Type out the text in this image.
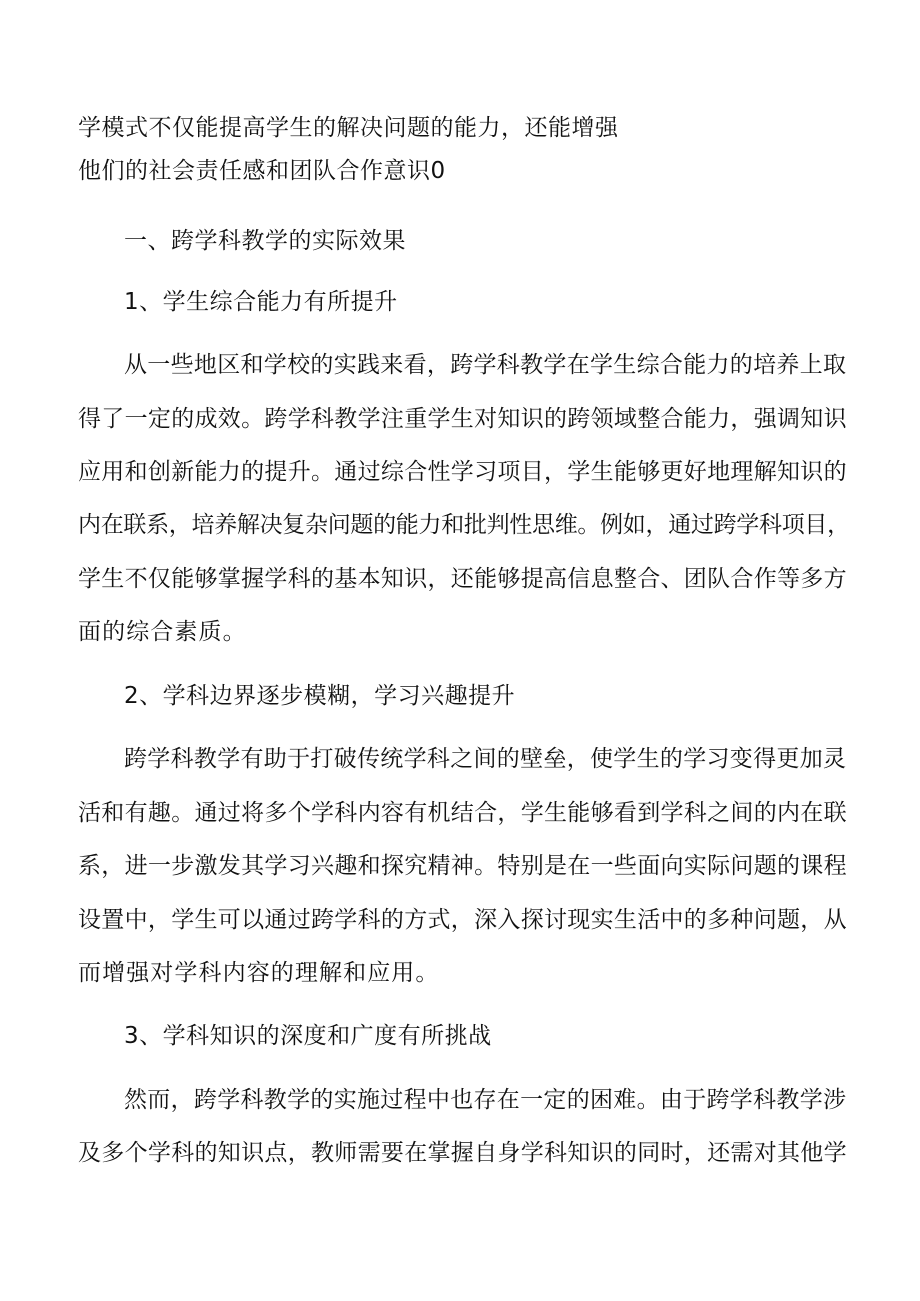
学模式不仅能提高学生的解决问题的能力，还能增强
他们的社会责任感和团队合作意识0
一、跨学科教学的实际效果
1、学生综合能力有所提升
从一些地区和学校的实践来看，跨学科教学在学生综合能力的培养上取
得了一定的成效。跨学科教学注重学生对知识的跨领域整合能力，强调知识
应用和创新能力的提升。通过综合性学习项目，学生能够更好地理解知识的
内在联系，培养解决复杂问题的能力和批判性思维。例如，通过跨学科项目，
学生不仅能够掌握学科的基本知识，还能够提高信息整合、团队合作等多方
面的综合素质。
2、学科边界逐步模糊，学习兴趣提升
跨学科教学有助于打破传统学科之间的壁垒，使学生的学习变得更加灵
活和有趣。通过将多个学科内容有机结合，学生能够看到学科之间的内在联
系，进一步激发其学习兴趣和探究精神。特别是在一些面向实际问题的课程
设置中，学生可以通过跨学科的方式，深入探讨现实生活中的多种问题，从
而增强对学科内容的理解和应用。
3、学科知识的深度和广度有所挑战
然而，跨学科教学的实施过程中也存在一定的困难。由于跨学科教学涉
及多个学科的知识点，教师需要在掌握自身学科知识的同时，还需对其他学
